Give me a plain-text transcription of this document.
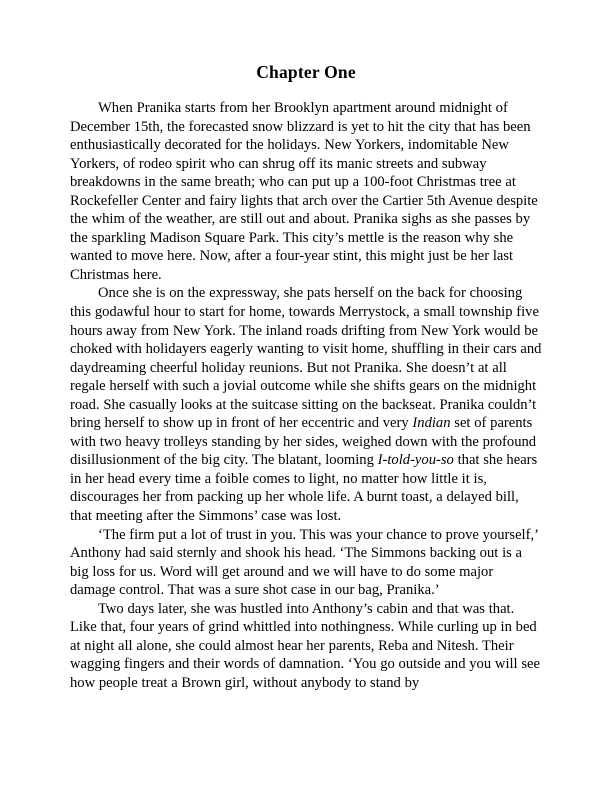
Chapter One

When Pranika starts from her Brooklyn apartment around midnight of December 15th, the forecasted snow blizzard is yet to hit the city that has been enthusiastically decorated for the holidays. New Yorkers, indomitable New Yorkers, of rodeo spirit who can shrug off its manic streets and subway breakdowns in the same breath; who can put up a 100-foot Christmas tree at Rockefeller Center and fairy lights that arch over the Cartier 5th Avenue despite the whim of the weather, are still out and about. Pranika sighs as she passes by the sparkling Madison Square Park. This city’s mettle is the reason why she wanted to move here. Now, after a four-year stint, this might just be her last Christmas here.

Once she is on the expressway, she pats herself on the back for choosing this godawful hour to start for home, towards Merrystock, a small township five hours away from New York. The inland roads drifting from New York would be choked with holidayers eagerly wanting to visit home, shuffling in their cars and daydreaming cheerful holiday reunions. But not Pranika. She doesn’t at all regale herself with such a jovial outcome while she shifts gears on the midnight road. She casually looks at the suitcase sitting on the backseat. Pranika couldn’t bring herself to show up in front of her eccentric and very Indian set of parents with two heavy trolleys standing by her sides, weighed down with the profound disillusionment of the big city. The blatant, looming I-told-you-so that she hears in her head every time a foible comes to light, no matter how little it is, discourages her from packing up her whole life. A burnt toast, a delayed bill, that meeting after the Simmons’ case was lost.

‘The firm put a lot of trust in you. This was your chance to prove yourself,’ Anthony had said sternly and shook his head. ‘The Simmons backing out is a big loss for us. Word will get around and we will have to do some major damage control. That was a sure shot case in our bag, Pranika.’

Two days later, she was hustled into Anthony’s cabin and that was that. Like that, four years of grind whittled into nothingness. While curling up in bed at night all alone, she could almost hear her parents, Reba and Nitesh. Their wagging fingers and their words of damnation. ‘You go outside and you will see how people treat a Brown girl, without anybody to stand by
